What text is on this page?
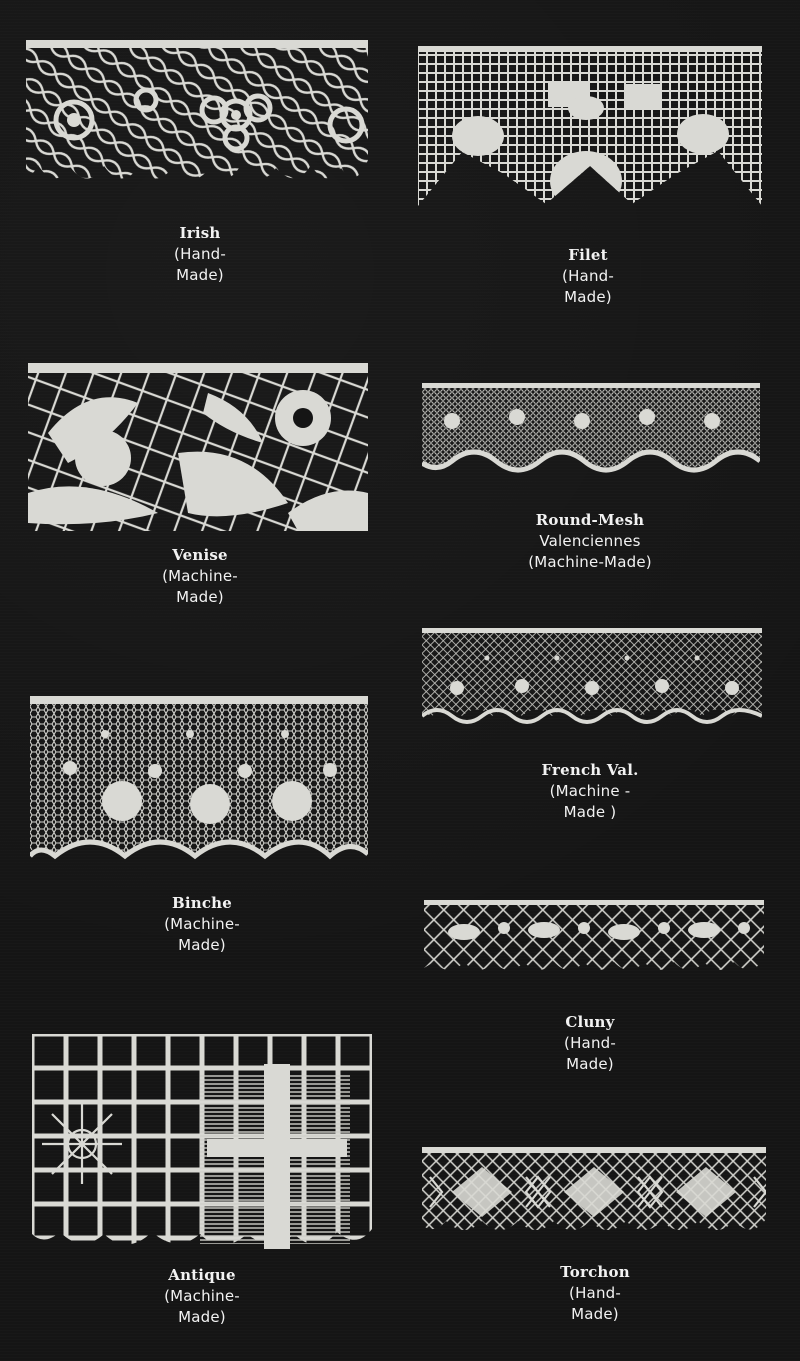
Irish
(Hand-
Made)
Filet
(Hand-
Made)
Venise
(Machine-
Made)
Round-Mesh
Valenciennes
(Machine-Made)
French Val.
(Machine -
Made )
Binche
(Machine-
Made)
Cluny
(Hand-
Made)
Antique
(Machine-
Made)
Torchon
(Hand-
Made)
